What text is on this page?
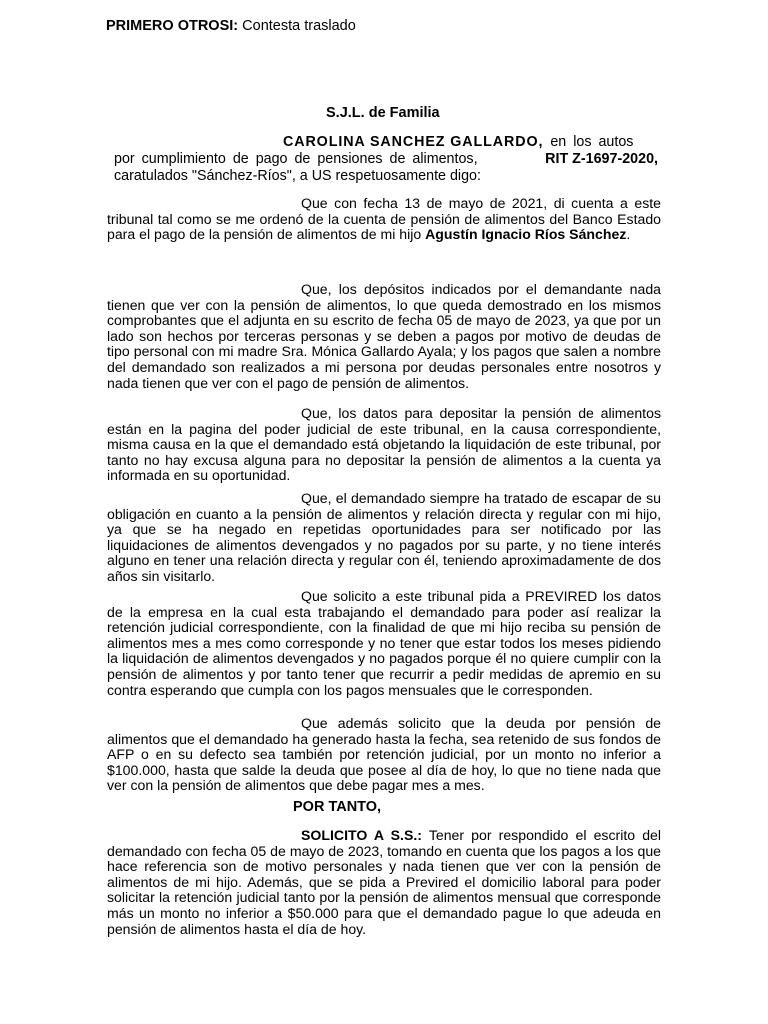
PRIMERO OTROSI: Contesta traslado
S.J.L. de Familia
CAROLINA SANCHEZ GALLARDO, en los autos
por cumplimiento de pago de pensiones de alimentos,	RIT Z-1697-2020,
caratulados "Sánchez-Ríos", a US respetuosamente digo:

Que con fecha 13 de mayo de 2021, di cuenta a este tribunal tal como se me ordenó de la cuenta de pensión de alimentos del Banco Estado para el pago de la pensión de alimentos de mi hijo Agustín Ignacio Ríos Sánchez.

Que, los depósitos indicados por el demandante nada tienen que ver con la pensión de alimentos, lo que queda demostrado en los mismos comprobantes que el adjunta en su escrito de fecha 05 de mayo de 2023, ya que por un lado son hechos por terceras personas y se deben a pagos por motivo de deudas de tipo personal con mi madre Sra. Mónica Gallardo Ayala; y los pagos que salen a nombre del demandado son realizados a mi persona por deudas personales entre nosotros y nada tienen que ver con el pago de pensión de alimentos.

Que, los datos para depositar la pensión de alimentos están en la pagina del poder judicial de este tribunal, en la causa correspondiente, misma causa en la que el demandado está objetando la liquidación de este tribunal, por tanto no hay excusa alguna para no depositar la pensión de alimentos a la cuenta ya informada en su oportunidad.

Que, el demandado siempre ha tratado de escapar de su obligación en cuanto a la pensión de alimentos y relación directa y regular con mi hijo, ya que se ha negado en repetidas oportunidades para ser notificado por las liquidaciones de alimentos devengados y no pagados por su parte, y no tiene interés alguno en tener una relación directa y regular con él, teniendo aproximadamente de dos años sin visitarlo.

Que solicito a este tribunal pida a PREVIRED los datos de la empresa en la cual esta trabajando el demandado para poder así realizar la retención judicial correspondiente, con la finalidad de que mi hijo reciba su pensión de alimentos mes a mes como corresponde y no tener que estar todos los meses pidiendo la liquidación de alimentos devengados y no pagados porque él no quiere cumplir con la pensión de alimentos y por tanto tener que recurrir a pedir medidas de apremio en su contra esperando que cumpla con los pagos mensuales que le corresponden.

Que además solicito que la deuda por pensión de alimentos que el demandado ha generado hasta la fecha, sea retenido de sus fondos de AFP o en su defecto sea también por retención judicial, por un monto no inferior a $100.000, hasta que salde la deuda que posee al día de hoy, lo que no tiene nada que ver con la pensión de alimentos que debe pagar mes a mes.

POR TANTO,

SOLICITO A S.S.: Tener por respondido el escrito del demandado con fecha 05 de mayo de 2023, tomando en cuenta que los pagos a los que hace referencia son de motivo personales y nada tienen que ver con la pensión de alimentos de mi hijo. Además, que se pida a Previred el domicilio laboral para poder solicitar la retención judicial tanto por la pensión de alimentos mensual que corresponde más un monto no inferior a $50.000 para que el demandado pague lo que adeuda en pensión de alimentos hasta el día de hoy.
